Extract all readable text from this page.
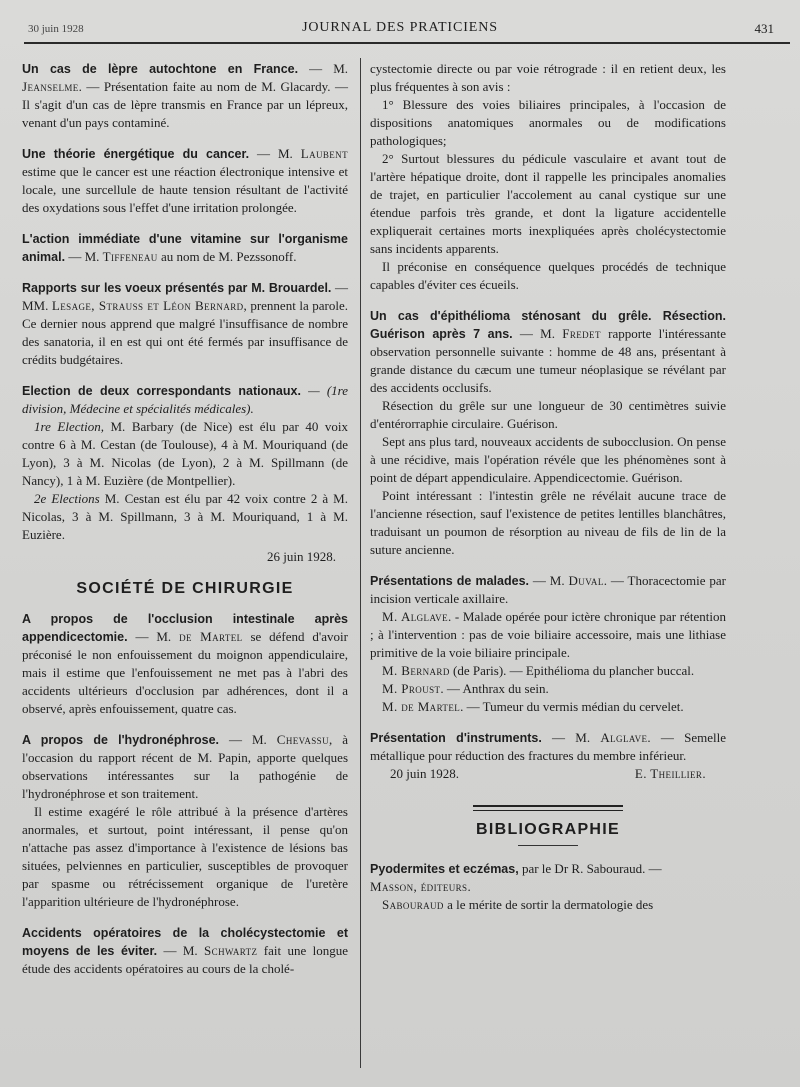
30 juin 1928	JOURNAL DES PRATICIENS	431

Un cas de lèpre autochtone en France. — M. Jeanselme. — Présentation faite au nom de M. Glacardy. — Il s'agit d'un cas de lèpre transmis en France par un lépreux, venant d'un pays contaminé.

Une théorie énergétique du cancer. — M. Laubent estime que le cancer est une réaction électronique intensive et locale, une surcellule de haute tension résultant de l'activité des oxydations sous l'effet d'une irritation prolongée.

L'action immédiate d'une vitamine sur l'organisme animal. — M. Tiffeneau au nom de M. Pezssonoff.

Rapports sur les voeux présentés par M. Brouardel. — MM. Lesage, Strauss et Léon Bernard, prennent la parole. Ce dernier nous apprend que malgré l'insuffisance de nombre des sanatoria, il en est qui ont été fermés par insuffisance de crédits budgétaires.

Election de deux correspondants nationaux. — (1re division, Médecine et spécialités médicales).

1re Election, M. Barbary (de Nice) est élu par 40 voix contre 6 à M. Cestan (de Toulouse), 4 à M. Mouriquand (de Lyon), 3 à M. Nicolas (de Lyon), 2 à M. Spillmann (de Nancy), 1 à M. Euzière (de Montpellier).

2e Elections M. Cestan est élu par 42 voix contre 2 à M. Nicolas, 3 à M. Spillmann, 3 à M. Mouriquand, 1 à M. Euzière.

26 juin 1928.

SOCIÉTÉ DE CHIRURGIE

A propos de l'occlusion intestinale après appendicectomie. — M. de Martel se défend d'avoir préconisé le non enfouissement du moignon appendiculaire, mais il estime que l'enfouissement ne met pas à l'abri des accidents ultérieurs d'occlusion par adhérences, dont il a observé, après enfouissement, quatre cas.

A propos de l'hydronéphrose. — M. Chevassu, à l'occasion du rapport récent de M. Papin, apporte quelques observations intéressantes sur la pathogénie de l'hydronéphrose et son traitement.

Il estime exagéré le rôle attribué à la présence d'artères anormales, et surtout, point intéressant, il pense qu'on n'attache pas assez d'importance à l'existence de lésions bas situées, pelviennes en particulier, susceptibles de provoquer par spasme ou rétrécissement organique de l'uretère l'apparition ultérieure de l'hydronéphrose.

Accidents opératoires de la cholécystectomie et moyens de les éviter. — M. Schwartz fait une longue étude des accidents opératoires au cours de la cholé-

cystectomie directe ou par voie rétrograde : il en retient deux, les plus fréquentes à son avis :

1° Blessure des voies biliaires principales, à l'occasion de dispositions anatomiques anormales ou de modifications pathologiques;

2° Surtout blessures du pédicule vasculaire et avant tout de l'artère hépatique droite, dont il rappelle les principales anomalies de trajet, en particulier l'accolement au canal cystique sur une étendue parfois très grande, et dont la ligature accidentelle expliquerait certaines morts inexpliquées après cholécystectomie sans incidents apparents.

Il préconise en conséquence quelques procédés de technique capables d'éviter ces écueils.

Un cas d'épithélioma sténosant du grêle. Résection. Guérison après 7 ans. — M. Fredet rapporte l'intéressante observation personnelle suivante : homme de 48 ans, présentant à grande distance du cæcum une tumeur néoplasique se révélant par des accidents occlusifs.

Résection du grêle sur une longueur de 30 centimètres suivie d'entérorraphie circulaire. Guérison.

Sept ans plus tard, nouveaux accidents de subocclusion. On pense à une récidive, mais l'opération révéle que les phénomènes sont à point de départ appendiculaire. Appendicectomie. Guérison.

Point intéressant : l'intestin grêle ne révélait aucune trace de l'ancienne résection, sauf l'existence de petites lentilles blanchâtres, traduisant un poumon de résorption au niveau de fils de lin de la suture ancienne.

Présentations de malades. — M. Duval. — Thoracectomie par incision verticale axillaire.

M. Alglave. - Malade opérée pour ictère chronique par rétention ; à l'intervention : pas de voie biliaire accessoire, mais une lithiase primitive de la voie biliaire principale.

M. Bernard (de Paris). — Epithélioma du plancher buccal.

M. Proust. — Anthrax du sein.

M. de Martel. — Tumeur du vermis médian du cervelet.

Présentation d'instruments. — M. Alglave. — Semelle métallique pour réduction des fractures du membre inférieur.

20 juin 1928.	E. Theillier.

BIBLIOGRAPHIE

Pyodermites et eczémas, par le Dr R. Sabouraud. —

Masson, éditeurs.

Sabouraud a le mérite de sortir la dermatologie des
